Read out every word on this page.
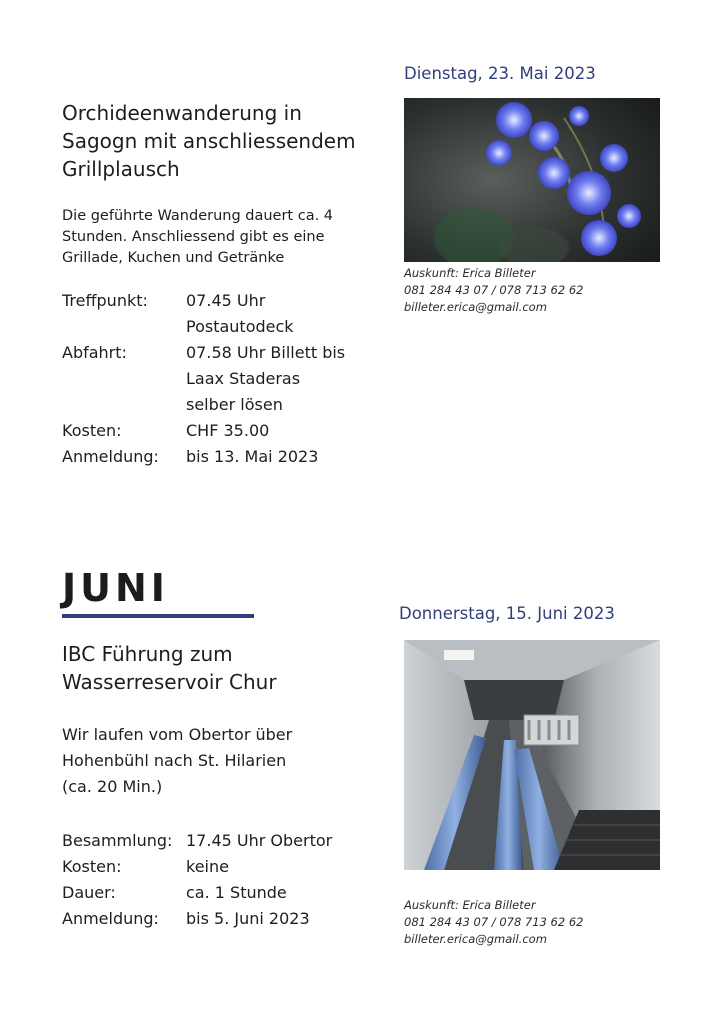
Dienstag, 23. Mai 2023
Orchideenwanderung in
Sagogn mit anschliessendem
Grillplausch
Die geführte Wanderung dauert ca. 4
Stunden. Anschliessend gibt es eine
Grillade, Kuchen und Getränke
Treffpunkt:	07.45 Uhr
Postautodeck
Abfahrt:	07.58 Uhr Billett bis
Laax Staderas
selber lösen
Kosten:	CHF 35.00
Anmeldung:	bis 13. Mai 2023
Auskunft: Erica Billeter
081 284 43 07 / 078 713 62 62
billeter.erica@gmail.com
JUNI
Donnerstag, 15. Juni 2023
IBC Führung zum
Wasserreservoir Chur
Wir laufen vom Obertor über
Hohenbühl nach St. Hilarien
(ca. 20 Min.)
Besammlung: 17.45 Uhr Obertor
Kosten:	keine
Dauer:	ca. 1 Stunde
Anmeldung:	bis 5. Juni 2023
Auskunft: Erica Billeter
081 284 43 07 / 078 713 62 62
billeter.erica@gmail.com
